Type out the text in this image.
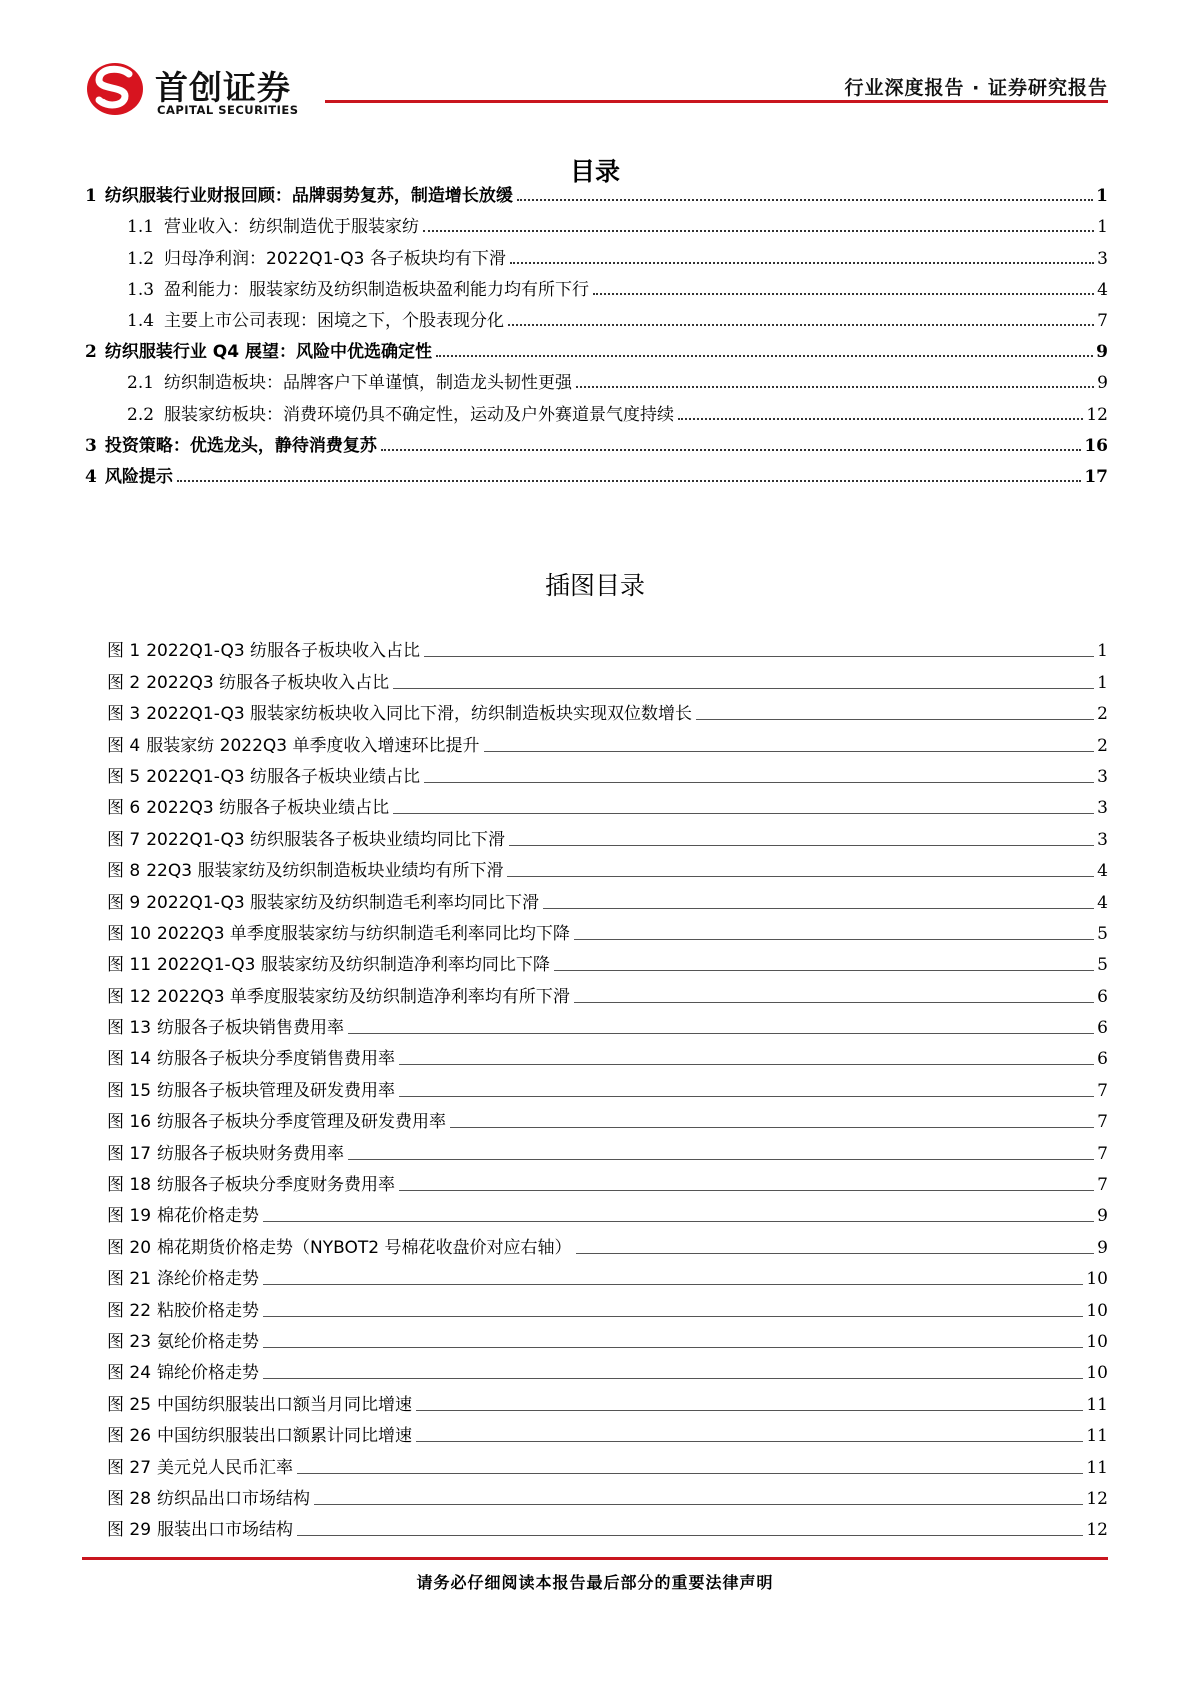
首创证券
CAPITAL SECURITIES
行业深度报告 · 证券研究报告
目录
1 纺织服装行业财报回顾：品牌弱势复苏，制造增长放缓	1
1.1 营业收入：纺织制造优于服装家纺	1
1.2 归母净利润：2022Q1-Q3 各子板块均有下滑	3
1.3 盈利能力：服装家纺及纺织制造板块盈利能力均有所下行	4
1.4 主要上市公司表现：困境之下，个股表现分化	7
2 纺织服装行业 Q4 展望：风险中优选确定性	9
2.1 纺织制造板块：品牌客户下单谨慎，制造龙头韧性更强	9
2.2 服装家纺板块：消费环境仍具不确定性，运动及户外赛道景气度持续	12
3 投资策略：优选龙头，静待消费复苏	16
4 风险提示	17
插图目录
图 1 2022Q1-Q3 纺服各子板块收入占比	1
图 2 2022Q3 纺服各子板块收入占比	1
图 3 2022Q1-Q3 服装家纺板块收入同比下滑，纺织制造板块实现双位数增长	2
图 4 服装家纺 2022Q3 单季度收入增速环比提升	2
图 5 2022Q1-Q3 纺服各子板块业绩占比	3
图 6 2022Q3 纺服各子板块业绩占比	3
图 7 2022Q1-Q3 纺织服装各子板块业绩均同比下滑	3
图 8 22Q3 服装家纺及纺织制造板块业绩均有所下滑	4
图 9 2022Q1-Q3 服装家纺及纺织制造毛利率均同比下滑	4
图 10 2022Q3 单季度服装家纺与纺织制造毛利率同比均下降	5
图 11 2022Q1-Q3 服装家纺及纺织制造净利率均同比下降	5
图 12 2022Q3 单季度服装家纺及纺织制造净利率均有所下滑	6
图 13 纺服各子板块销售费用率	6
图 14 纺服各子板块分季度销售费用率	6
图 15 纺服各子板块管理及研发费用率	7
图 16 纺服各子板块分季度管理及研发费用率	7
图 17 纺服各子板块财务费用率	7
图 18 纺服各子板块分季度财务费用率	7
图 19 棉花价格走势	9
图 20 棉花期货价格走势（NYBOT2 号棉花收盘价对应右轴）	9
图 21 涤纶价格走势	10
图 22 粘胶价格走势	10
图 23 氨纶价格走势	10
图 24 锦纶价格走势	10
图 25 中国纺织服装出口额当月同比增速	11
图 26 中国纺织服装出口额累计同比增速	11
图 27 美元兑人民币汇率	11
图 28 纺织品出口市场结构	12
图 29 服装出口市场结构	12
请务必仔细阅读本报告最后部分的重要法律声明
